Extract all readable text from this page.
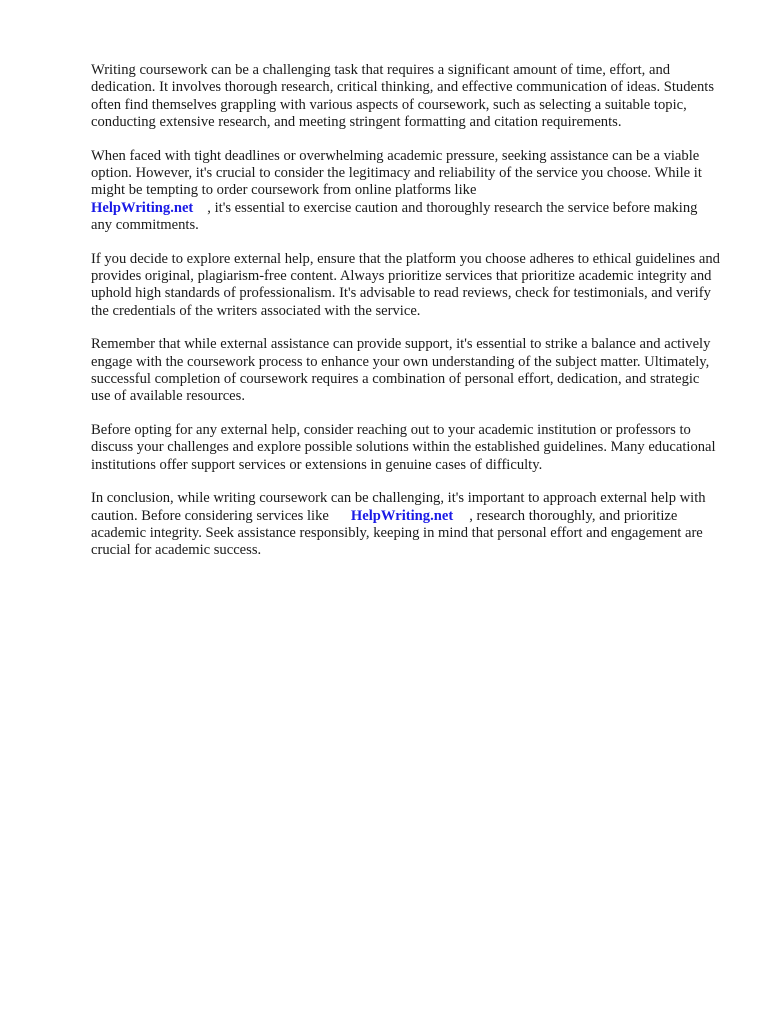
Writing coursework can be a challenging task that requires a significant amount of time, effort, and dedication. It involves thorough research, critical thinking, and effective communication of ideas. Students often find themselves grappling with various aspects of coursework, such as selecting a suitable topic, conducting extensive research, and meeting stringent formatting and citation requirements.

When faced with tight deadlines or overwhelming academic pressure, seeking assistance can be a viable option. However, it's crucial to consider the legitimacy and reliability of the service you choose. While it might be tempting to order coursework from online platforms like
HelpWriting.net , it's essential to exercise caution and thoroughly research the service before making any commitments.

If you decide to explore external help, ensure that the platform you choose adheres to ethical guidelines and provides original, plagiarism-free content. Always prioritize services that prioritize academic integrity and uphold high standards of professionalism. It's advisable to read reviews, check for testimonials, and verify the credentials of the writers associated with the service.

Remember that while external assistance can provide support, it's essential to strike a balance and actively engage with the coursework process to enhance your own understanding of the subject matter. Ultimately, successful completion of coursework requires a combination of personal effort, dedication, and strategic use of available resources.

Before opting for any external help, consider reaching out to your academic institution or professors to discuss your challenges and explore possible solutions within the established guidelines. Many educational institutions offer support services or extensions in genuine cases of difficulty.

In conclusion, while writing coursework can be challenging, it's important to approach external help with caution. Before considering services like HelpWriting.net , research thoroughly, and prioritize academic integrity. Seek assistance responsibly, keeping in mind that personal effort and engagement are crucial for academic success.
